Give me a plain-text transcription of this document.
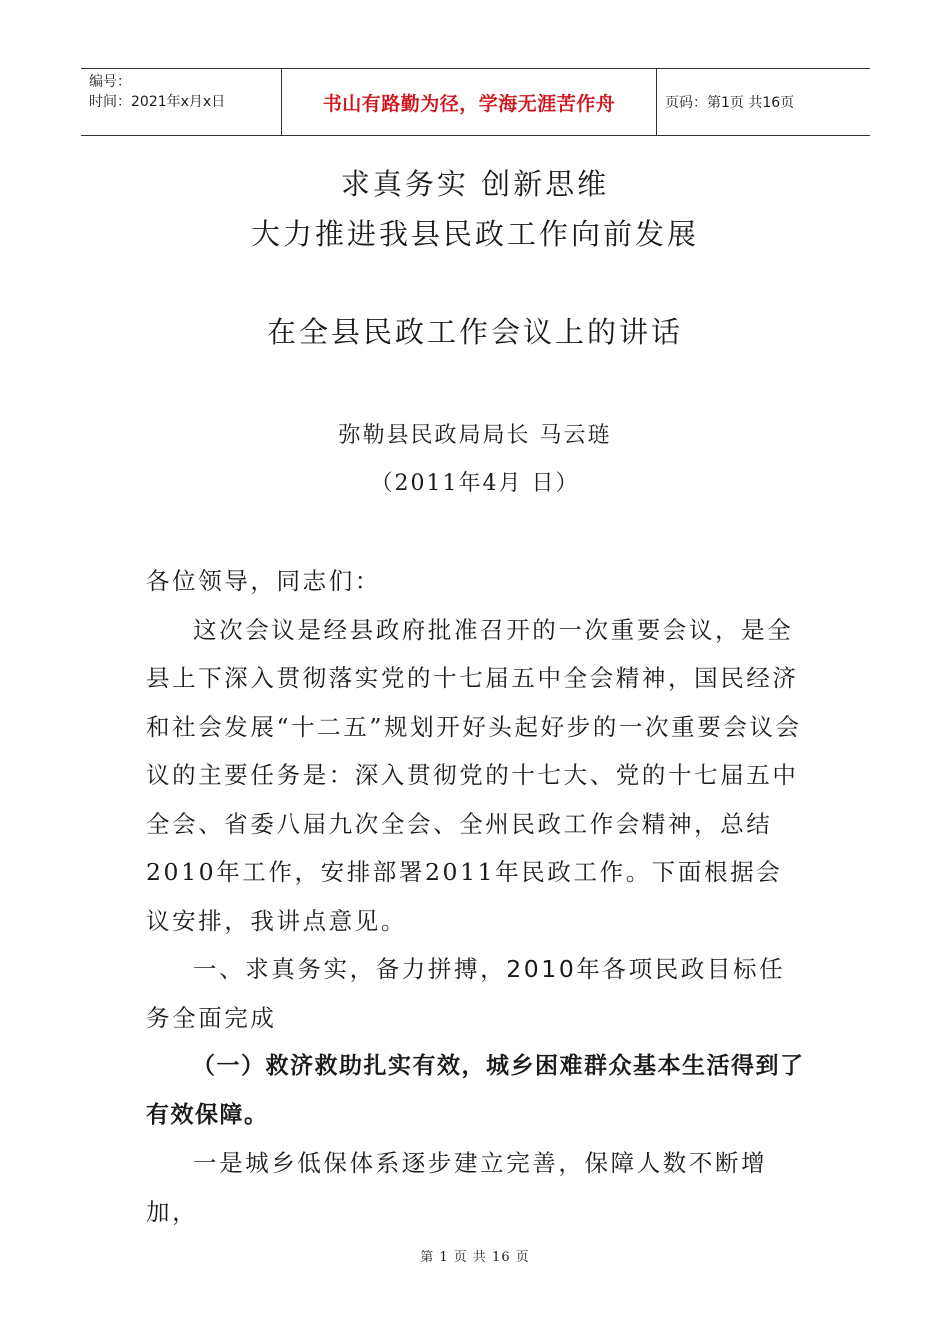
编号：
时间：2021年x月x日	书山有路勤为径，学海无涯苦作舟	页码：第1页 共16页
求真务实 创新思维
大力推进我县民政工作向前发展
在全县民政工作会议上的讲话
弥勒县民政局局长 马云琏
（2011年4月 日）

各位领导，同志们：

这次会议是经县政府批准召开的一次重要会议，是全县上下深入贯彻落实党的十七届五中全会精神，国民经济和社会发展“十二五”规划开好头起好步的一次重要会议会议的主要任务是：深入贯彻党的十七大、党的十七届五中全会、省委八届九次全会、全州民政工作会精神，总结2010年工作，安排部署2011年民政工作。下面根据会议安排，我讲点意见。

一、求真务实，备力拼搏，2010年各项民政目标任务全面完成

（一）救济救助扎实有效，城乡困难群众基本生活得到了有效保障。

一是城乡低保体系逐步建立完善，保障人数不断增加，

第 1 页 共 16 页
